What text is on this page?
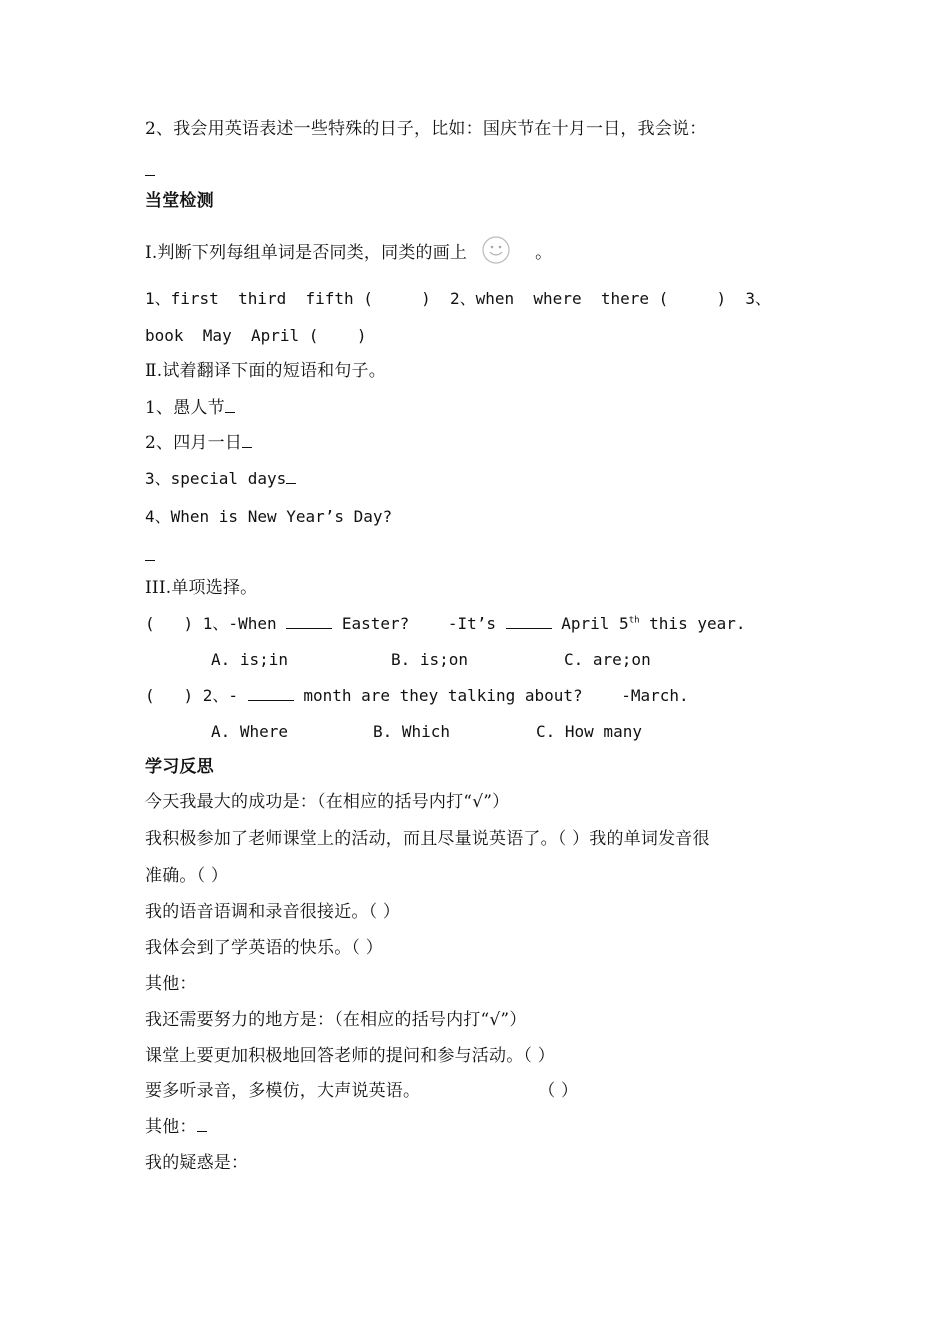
2、我会用英语表述一些特殊的日子，比如：国庆节在十月一日，我会说：
当堂检测
Ⅰ.判断下列每组单词是否同类，同类的画上	。
1、first  third  fifth (     )  2、when  where  there (     )  3、
book  May  April (    )
Ⅱ.试着翻译下面的短语和句子。
1、愚人节
2、四月一日
3、special days
4、When is New Year’s Day?
III.单项选择。
(   ) 1、-When	Easter?    -It’s	April 5th this year.
A. is;in	B. is;on	C. are;on
(   ) 2、-	month are they talking about?    -March.
A. Where	B. Which	C. How many
学习反思
今天我最大的成功是：（在相应的括号内打“√”）
我积极参加了老师课堂上的活动，而且尽量说英语了。（ ）我的单词发音很
准确。（ ）
我的语音语调和录音很接近。（ ）
我体会到了学英语的快乐。（ ）
其他：
我还需要努力的地方是：（在相应的括号内打“√”）
课堂上要更加积极地回答老师的提问和参与活动。（ ）
要多听录音，多模仿，大声说英语。	（ ）
其他：
我的疑惑是：
